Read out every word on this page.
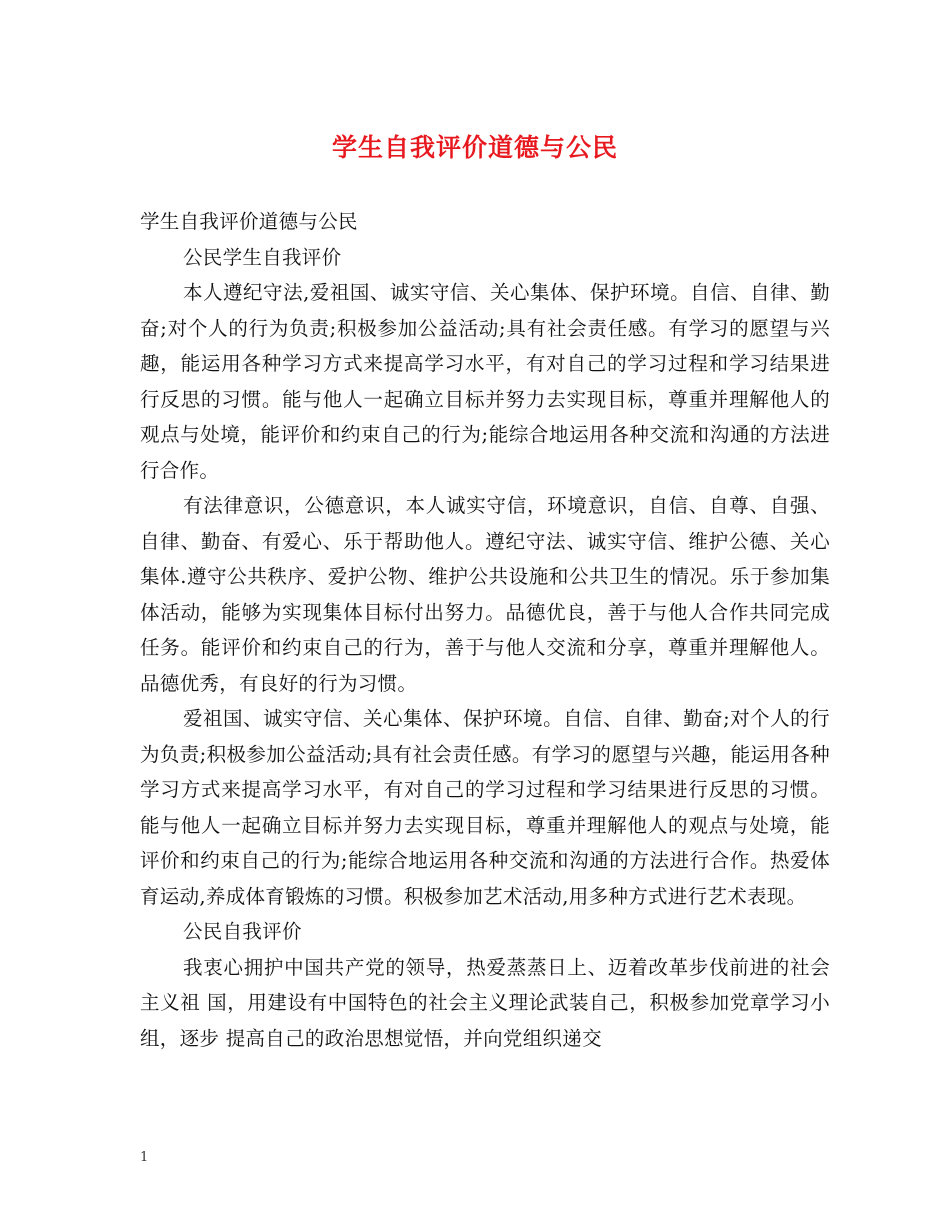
学生自我评价道德与公民

学生自我评价道德与公民

公民学生自我评价

本人遵纪守法,爱祖国、诚实守信、关心集体、保护环境。自信、自律、勤奋;对个人的行为负责;积极参加公益活动;具有社会责任感。有学习的愿望与兴趣，能运用各种学习方式来提高学习水平，有对自己的学习过程和学习结果进行反思的习惯。能与他人一起确立目标并努力去实现目标，尊重并理解他人的观点与处境，能评价和约束自己的行为;能综合地运用各种交流和沟通的方法进行合作。

有法律意识，公德意识，本人诚实守信，环境意识，自信、自尊、自强、自律、勤奋、有爱心、乐于帮助他人。遵纪守法、诚实守信、维护公德、关心集体.遵守公共秩序、爱护公物、维护公共设施和公共卫生的情况。乐于参加集体活动，能够为实现集体目标付出努力。品德优良，善于与他人合作共同完成任务。能评价和约束自己的行为，善于与他人交流和分享，尊重并理解他人。品德优秀，有良好的行为习惯。

爱祖国、诚实守信、关心集体、保护环境。自信、自律、勤奋;对个人的行为负责;积极参加公益活动;具有社会责任感。有学习的愿望与兴趣，能运用各种学习方式来提高学习水平，有对自己的学习过程和学习结果进行反思的习惯。能与他人一起确立目标并努力去实现目标，尊重并理解他人的观点与处境，能评价和约束自己的行为;能综合地运用各种交流和沟通的方法进行合作。热爱体育运动,养成体育锻炼的习惯。积极参加艺术活动,用多种方式进行艺术表现。

公民自我评价

我衷心拥护中国共产党的领导，热爱蒸蒸日上、迈着改革步伐前进的社会主义祖 国，用建设有中国特色的社会主义理论武装自己，积极参加党章学习小组，逐步 提高自己的政治思想觉悟，并向党组织递交

1
